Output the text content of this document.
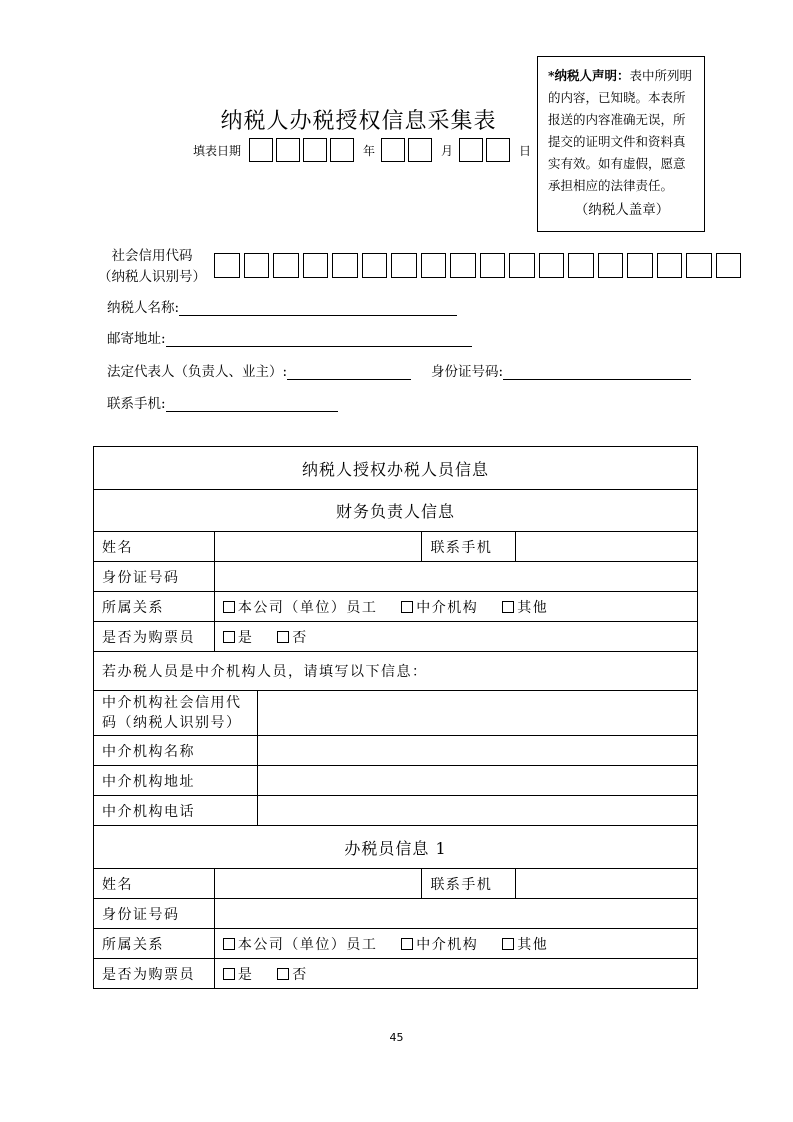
纳税人办税授权信息采集表
*纳税人声明：表中所列明的内容，已知晓。本表所报送的内容准确无误，所提交的证明文件和资料真实有效。如有虚假，愿意承担相应的法律责任。
（纳税人盖章）
填表日期	年	月	日
社会信用代码
（纳税人识别号）
纳税人名称:
邮寄地址:
法定代表人（负责人、业主）:	身份证号码:
联系手机:
纳税人授权办税人员信息				
财务负责人信息				
姓名			联系手机	
身份证号码				
所属关系	本公司（单位）员工 中介机构 其他			
是否为购票员	是 否			
若办税人员是中介机构人员，请填写以下信息：				

中介机构社会信用代
码（纳税人识别号）				

中介机构名称				
中介机构地址				
中介机构电话				
办税员信息 1				
姓名			联系手机	
身份证号码				
所属关系	本公司（单位）员工 中介机构 其他			
是否为购票员	是 否			
45
